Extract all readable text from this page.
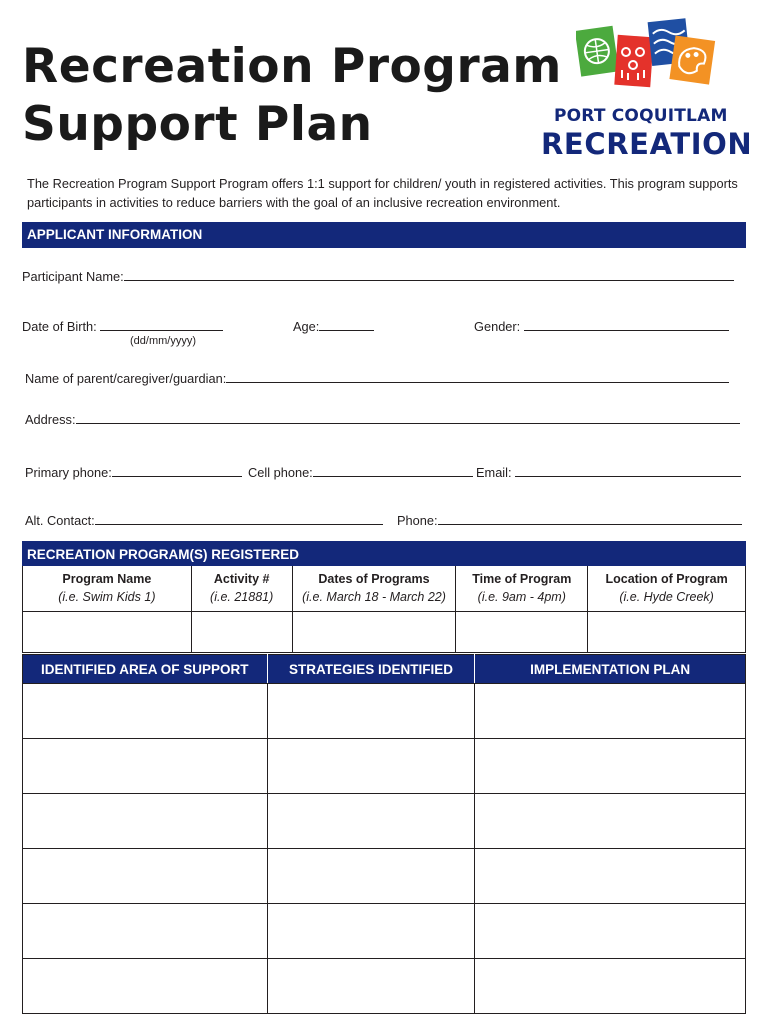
Recreation Program
Support Plan	PORT COQUITLAM
RECREATION
The Recreation Program Support Program offers 1:1 support for children/ youth in registered activities. This program supports participants in activities to reduce barriers with the goal of an inclusive recreation environment.
APPLICANT INFORMATION
Participant Name:
Date of Birth:
(dd/mm/yyyy)
Age:	Gender:
Name of parent/caregiver/guardian:
Address:
Primary phone:	Cell phone:	Email:
Alt. Contact:	Phone:
RECREATION PROGRAM(S) REGISTERED
Program Name	Activity #	Dates of Programs	Time of Program	Location of Program
(i.e. Swim Kids 1)	(i.e. 21881)	(i.e. March 18 - March 22)	(i.e. 9am - 4pm)	(i.e. Hyde Creek)

IDENTIFIED AREA OF SUPPORT	STRATEGIES IDENTIFIED	IMPLEMENTATION PLAN
